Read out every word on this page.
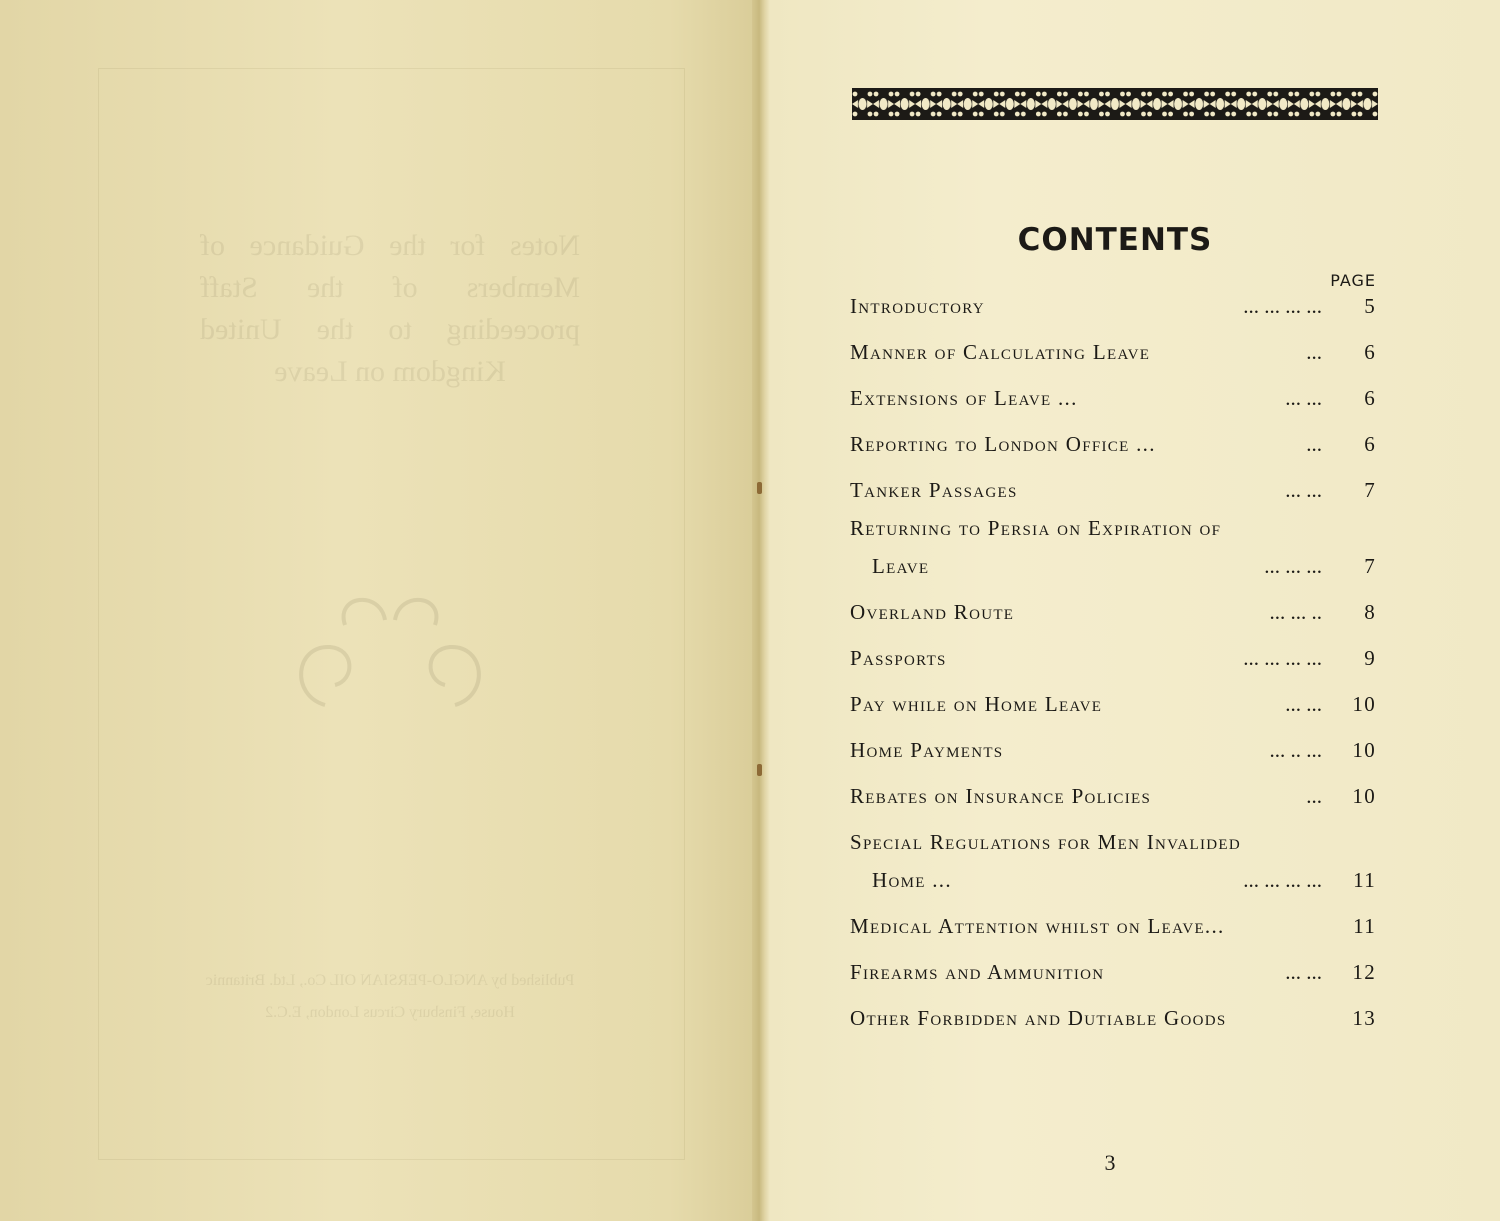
Notes for the Guidance of Members of the Staff proceeding to the United Kingdom on Leave
Published by ANGLO-PERSIAN OIL Co., Ltd. Britannic House, Finsbury Circus London, E.C.2
CONTENTS
PAGE
Introductory	... ... ... ... 5
Manner of Calculating Leave	... 6
Extensions of Leave ...	... ... 6
Reporting to London Office ...	... 6
Tanker Passages	... ... 7
Returning to Persia on Expiration of
Leave	... ... ... 7
Overland Route	... ... .. 8
Passports	... ... ... ... 9
Pay while on Home Leave	... ... 10
Home Payments	... .. ... 10
Rebates on Insurance Policies	... 10
Special Regulations for Men Invalided
Home ...	... ... ... ... 11
Medical Attention whilst on Leave...	11
Firearms and Ammunition	... ... 12
Other Forbidden and Dutiable Goods	13
3
